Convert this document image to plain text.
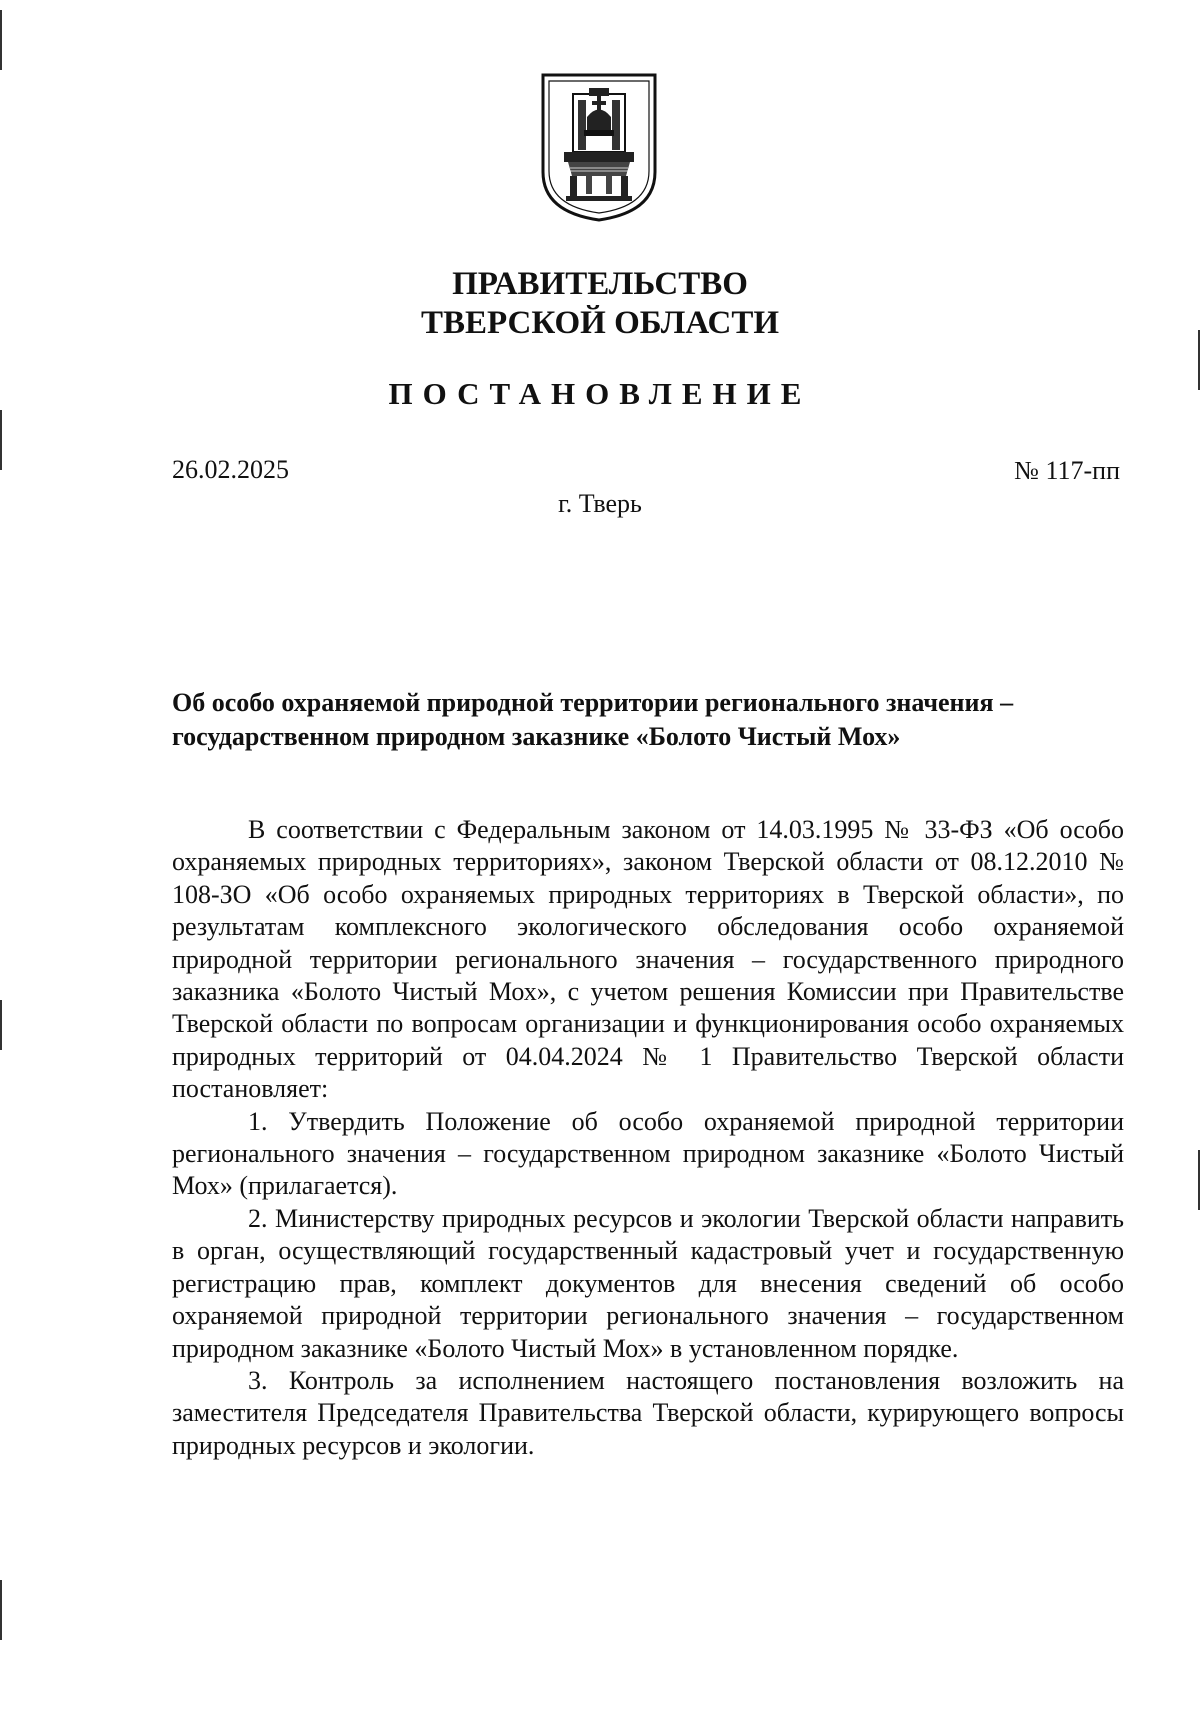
ПРАВИТЕЛЬСТВО
ТВЕРСКОЙ ОБЛАСТИ
ПОСТАНОВЛЕНИЕ
26.02.2025	№ 117-пп
г. Тверь
Об особо охраняемой природной территории регионального значения –
государственном природном заказнике «Болото Чистый Мох»

В соответствии с Федеральным законом от 14.03.1995 № 33-ФЗ «Об особо охраняемых природных территориях», законом Тверской области от 08.12.2010 № 108-ЗО «Об особо охраняемых природных территориях в Тверской области», по результатам комплексного экологического обследования особо охраняемой природной территории регионального значения – государственного природного заказника «Болото Чистый Мох», с учетом решения Комиссии при Правительстве Тверской области по вопросам организации и функционирования особо охраняемых природных территорий от 04.04.2024 № 1 Правительство Тверской области постановляет:

1. Утвердить Положение об особо охраняемой природной территории регионального значения – государственном природном заказнике «Болото Чистый Мох» (прилагается).

2. Министерству природных ресурсов и экологии Тверской области направить в орган, осуществляющий государственный кадастровый учет и государственную регистрацию прав, комплект документов для внесения сведений об особо охраняемой природной территории регионального значения – государственном природном заказнике «Болото Чистый Мох» в установленном порядке.

3. Контроль за исполнением настоящего постановления возложить на заместителя Председателя Правительства Тверской области, курирующего вопросы природных ресурсов и экологии.
